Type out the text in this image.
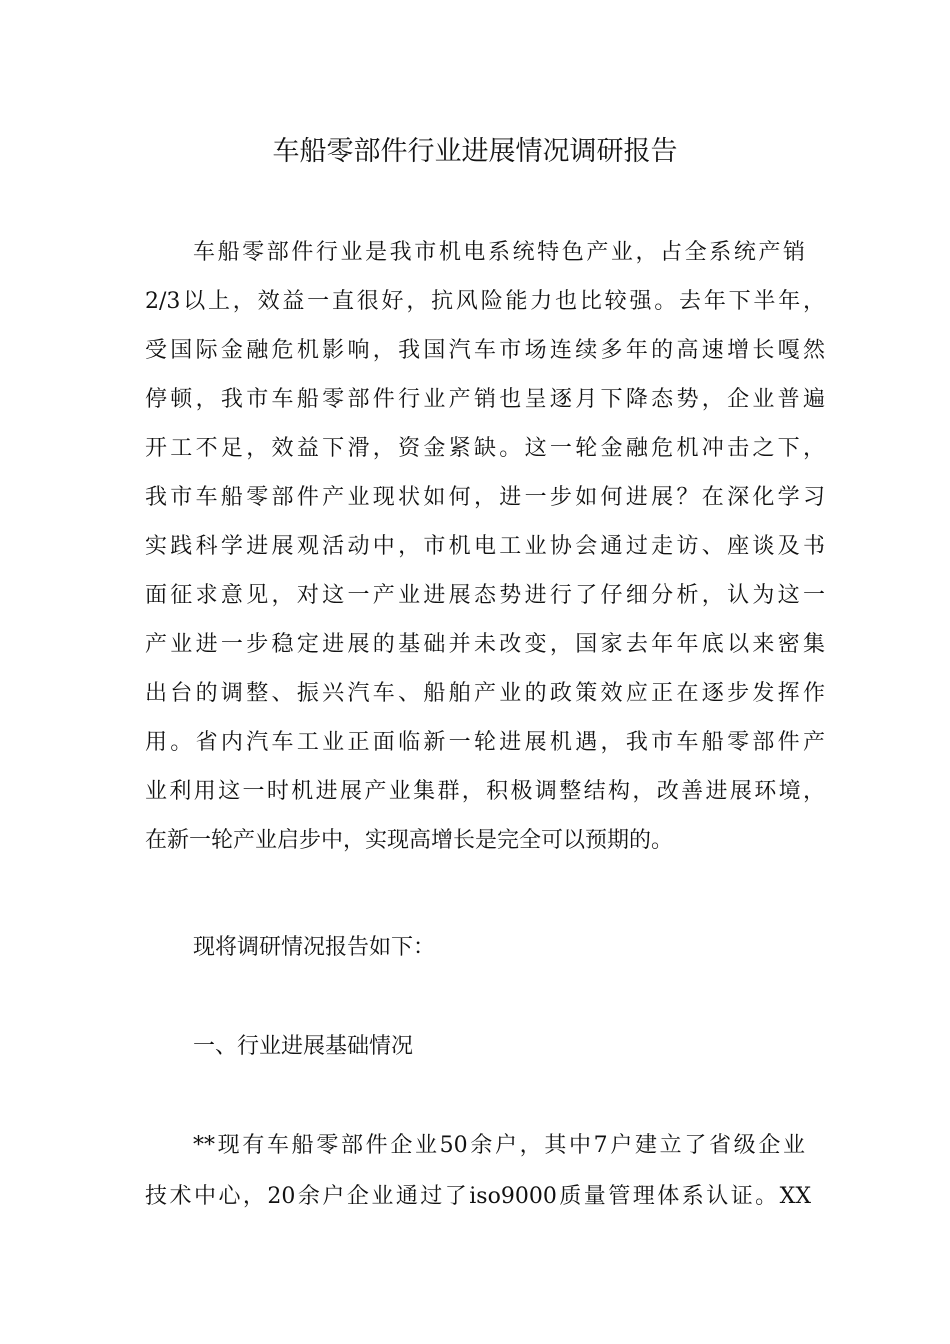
车船零部件行业进展情况调研报告

车船零部件行业是我市机电系统特色产业，占全系统产销

2/3以上，效益一直很好，抗风险能力也比较强。去年下半年，

受国际金融危机影响，我国汽车市场连续多年的高速增长嘎然

停顿，我市车船零部件行业产销也呈逐月下降态势，企业普遍

开工不足，效益下滑，资金紧缺。这一轮金融危机冲击之下，

我市车船零部件产业现状如何，进一步如何进展？在深化学习

实践科学进展观活动中，市机电工业协会通过走访、座谈及书

面征求意见，对这一产业进展态势进行了仔细分析，认为这一

产业进一步稳定进展的基础并未改变，国家去年年底以来密集

出台的调整、振兴汽车、船舶产业的政策效应正在逐步发挥作

用。省内汽车工业正面临新一轮进展机遇，我市车船零部件产

业利用这一时机进展产业集群，积极调整结构，改善进展环境，

在新一轮产业启步中，实现高增长是完全可以预期的。

现将调研情况报告如下：

一、行业进展基础情况

**现有车船零部件企业50余户，其中7户建立了省级企业

技术中心，20余户企业通过了iso9000质量管理体系认证。XX
